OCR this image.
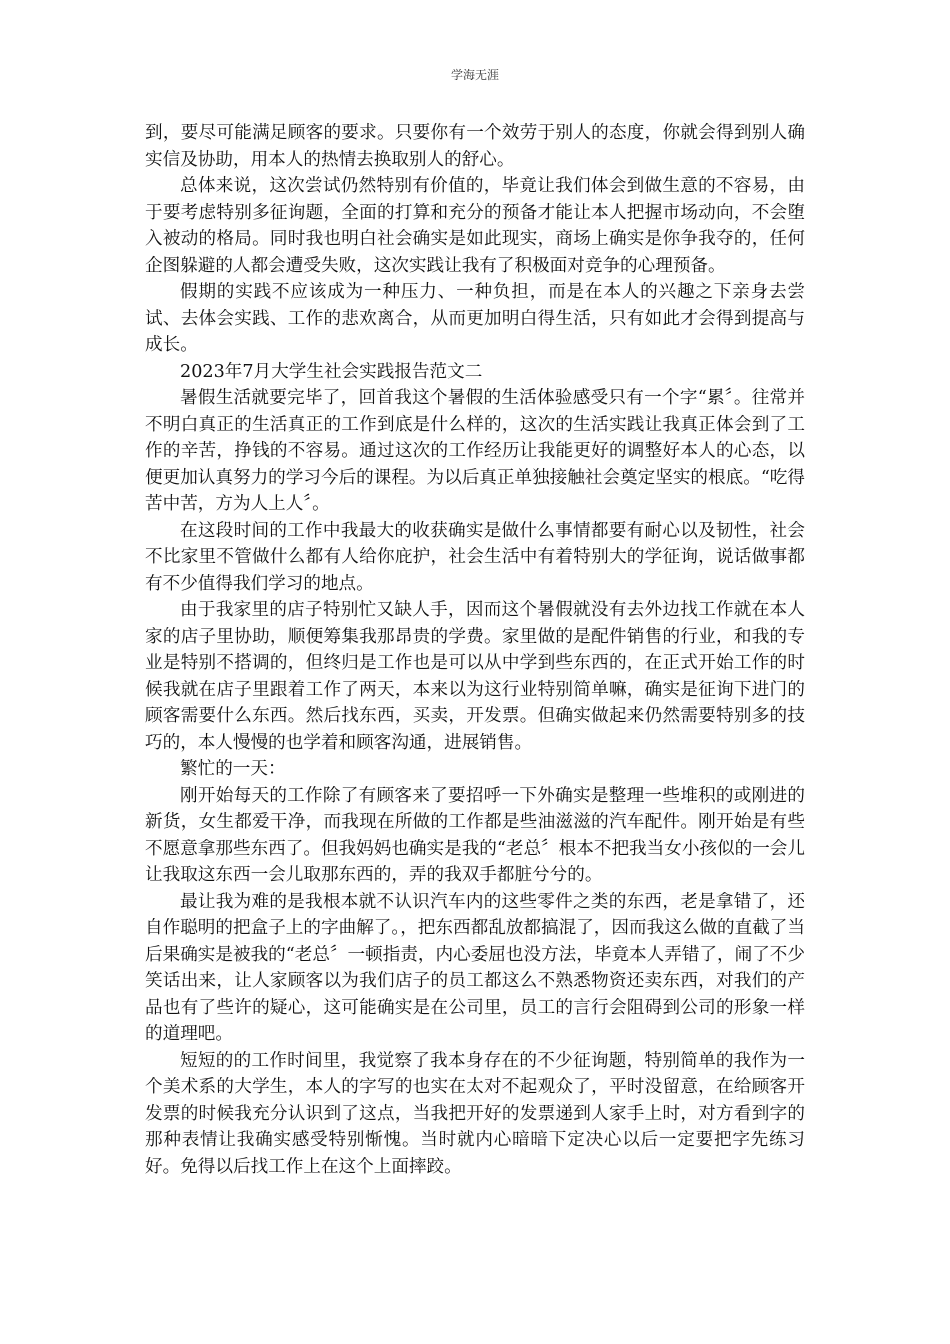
学海无涯

到，要尽可能满足顾客的要求。只要你有一个效劳于别人的态度，你就会得到别人确实信及协助，用本人的热情去换取别人的舒心。

总体来说，这次尝试仍然特别有价值的，毕竟让我们体会到做生意的不容易，由于要考虑特别多征询题，全面的打算和充分的预备才能让本人把握市场动向，不会堕入被动的格局。同时我也明白社会确实是如此现实，商场上确实是你争我夺的，任何企图躲避的人都会遭受失败，这次实践让我有了积极面对竞争的心理预备。

假期的实践不应该成为一种压力、一种负担，而是在本人的兴趣之下亲身去尝试、去体会实践、工作的悲欢离合，从而更加明白得生活，只有如此才会得到提高与成长。

2023年7月大学生社会实践报告范文二

暑假生活就要完毕了，回首我这个暑假的生活体验感受只有一个字“累〞。往常并不明白真正的生活真正的工作到底是什么样的，这次的生活实践让我真正体会到了工作的辛苦，挣钱的不容易。通过这次的工作经历让我能更好的调整好本人的心态，以便更加认真努力的学习今后的课程。为以后真正单独接触社会奠定坚实的根底。“吃得苦中苦，方为人上人〞。

在这段时间的工作中我最大的收获确实是做什么事情都要有耐心以及韧性，社会不比家里不管做什么都有人给你庇护，社会生活中有着特别大的学征询，说话做事都有不少值得我们学习的地点。

由于我家里的店子特别忙又缺人手，因而这个暑假就没有去外边找工作就在本人家的店子里协助，顺便筹集我那昂贵的学费。家里做的是配件销售的行业，和我的专业是特别不搭调的，但终归是工作也是可以从中学到些东西的，在正式开始工作的时候我就在店子里跟着工作了两天，本来以为这行业特别简单嘛，确实是征询下进门的顾客需要什么东西。然后找东西，买卖，开发票。但确实做起来仍然需要特别多的技巧的，本人慢慢的也学着和顾客沟通，进展销售。

繁忙的一天：

刚开始每天的工作除了有顾客来了要招呼一下外确实是整理一些堆积的或刚进的新货，女生都爱干净，而我现在所做的工作都是些油滋滋的汽车配件。刚开始是有些不愿意拿那些东西了。但我妈妈也确实是我的“老总〞根本不把我当女小孩似的一会儿让我取这东西一会儿取那东西的，弄的我双手都脏兮兮的。

最让我为难的是我根本就不认识汽车内的这些零件之类的东西，老是拿错了，还自作聪明的把盒子上的字曲解了。，把东西都乱放都搞混了，因而我这么做的直截了当后果确实是被我的“老总〞一顿指责，内心委屈也没方法，毕竟本人弄错了，闹了不少笑话出来，让人家顾客以为我们店子的员工都这么不熟悉物资还卖东西，对我们的产品也有了些许的疑心，这可能确实是在公司里，员工的言行会阻碍到公司的形象一样的道理吧。

短短的的工作时间里，我觉察了我本身存在的不少征询题，特别简单的我作为一个美术系的大学生，本人的字写的也实在太对不起观众了，平时没留意，在给顾客开发票的时候我充分认识到了这点，当我把开好的发票递到人家手上时，对方看到字的那种表情让我确实感受特别惭愧。当时就内心暗暗下定决心以后一定要把字先练习好。免得以后找工作上在这个上面摔跤。
